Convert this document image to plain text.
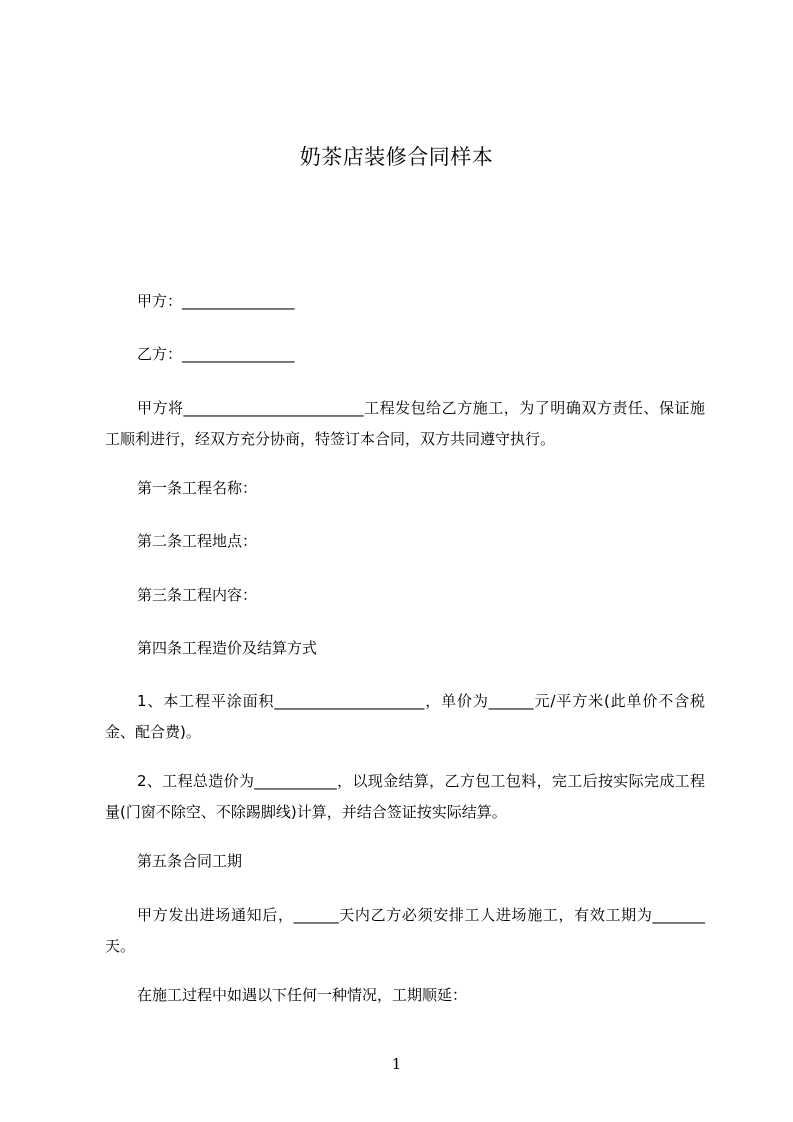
奶茶店装修合同样本
甲方：_______________
乙方：_______________
甲方将________________________工程发包给乙方施工，为了明确双方责任、保证施工顺利进行，经双方充分协商，特签订本合同，双方共同遵守执行。
第一条工程名称：
第二条工程地点：
第三条工程内容：
第四条工程造价及结算方式
1、本工程平涂面积____________________，单价为______元/平方米(此单价不含税金、配合费)。
2、工程总造价为___________，以现金结算，乙方包工包料，完工后按实际完成工程量(门窗不除空、不除踢脚线)计算，并结合签证按实际结算。
第五条合同工期
甲方发出进场通知后，______天内乙方必须安排工人进场施工，有效工期为_______天。
在施工过程中如遇以下任何一种情况，工期顺延：
1
